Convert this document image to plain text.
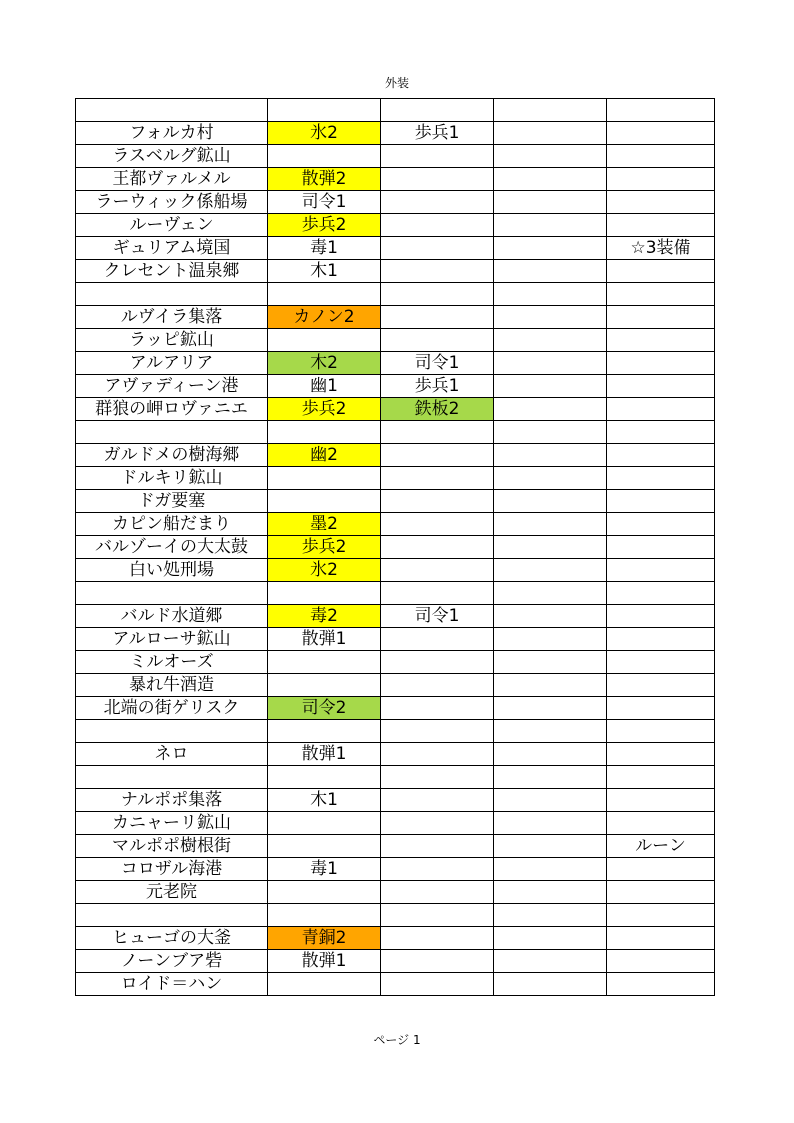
外装

フォルカ村	氷2	歩兵1		
ラスベルグ鉱山				
王都ヴァルメル	散弾2			
ラーウィック係船場	司令1			
ルーヴェン	歩兵2			
ギュリアム境国	毒1			☆3装備
クレセント温泉郷	木1			

ルヴイラ集落	カノン2			
ラッピ鉱山				
アルアリア	木2	司令1		
アヴァディーン港	幽1	歩兵1		
群狼の岬ロヴァニエ	歩兵2	鉄板2		

ガルドメの樹海郷	幽2			
ドルキリ鉱山				
ドガ要塞				
カピン船だまり	墨2			
バルゾーイの大太鼓	歩兵2			
白い処刑場	氷2			

バルド水道郷	毒2	司令1		
アルローサ鉱山	散弾1			
ミルオーズ				
暴れ牛酒造				
北端の街ゲリスク	司令2			

ネロ	散弾1			

ナルポポ集落	木1			
カニャーリ鉱山				
マルポポ樹根街				ルーン
コロザル海港	毒1			
元老院				

ヒューゴの大釜	青銅2			
ノーンブア砦	散弾1			
ロイド＝ハン				
ページ 1
